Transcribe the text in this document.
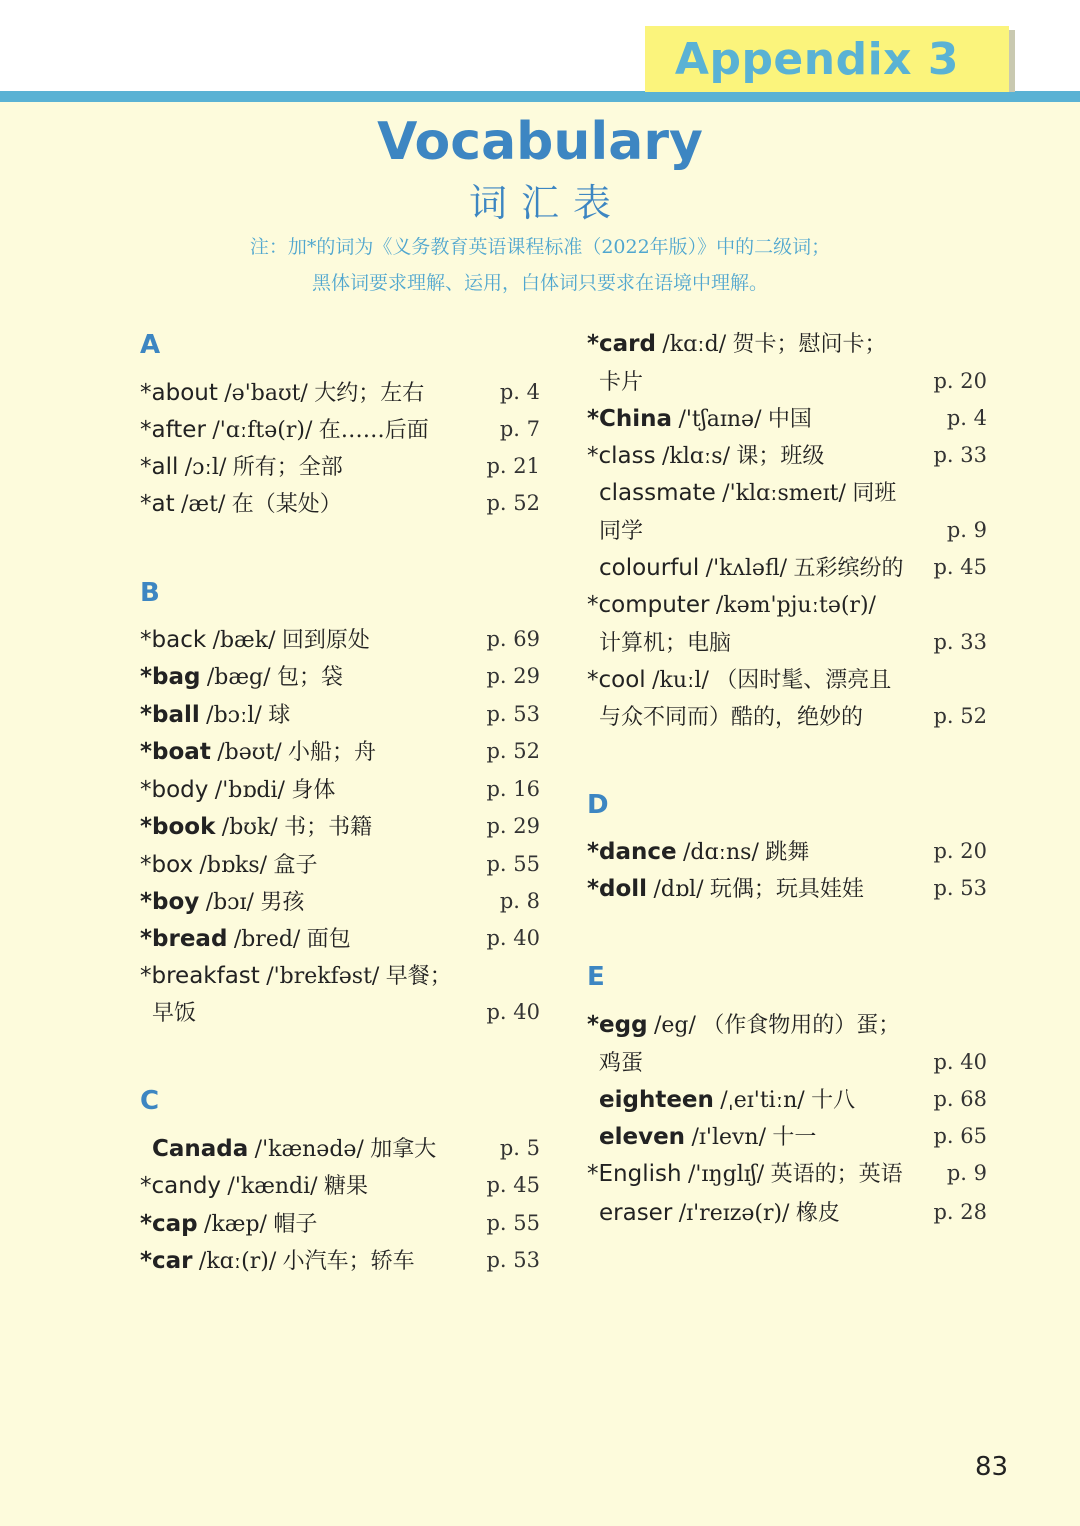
Appendix 3
Vocabulary
词汇表
注：加*的词为《义务教育英语课程标准（2022年版）》中的二级词；
黑体词要求理解、运用，白体词只要求在语境中理解。
A
*about /ə'baʊt/ 大约；左右	p. 4
*after /'ɑːftə(r)/ 在……后面	p. 7
*all /ɔːl/ 所有；全部	p. 21
*at /æt/ 在（某处）	p. 52
B
*back /bæk/ 回到原处	p. 69
*bag /bæg/ 包；袋	p. 29
*ball /bɔːl/ 球	p. 53
*boat /bəʊt/ 小船；舟	p. 52
*body /'bɒdi/ 身体	p. 16
*book /bʊk/ 书；书籍	p. 29
*box /bɒks/ 盒子	p. 55
*boy /bɔɪ/ 男孩	p. 8
*bread /bred/ 面包	p. 40
*breakfast /'brekfəst/ 早餐；
早饭	p. 40
C
Canada /'kænədə/ 加拿大	p. 5
*candy /'kændi/ 糖果	p. 45
*cap /kæp/ 帽子	p. 55
*car /kɑː(r)/ 小汽车；轿车	p. 53
*card /kɑːd/ 贺卡；慰问卡；
卡片	p. 20
*China /'tʃaɪnə/ 中国	p. 4
*class /klɑːs/ 课；班级	p. 33
classmate /'klɑːsmeɪt/ 同班
同学	p. 9
colourful /'kʌləfl/ 五彩缤纷的	p. 45
*computer /kəm'pjuːtə(r)/
计算机；电脑	p. 33
*cool /kuːl/ （因时髦、漂亮且
与众不同而）酷的，绝妙的	p. 52
D
*dance /dɑːns/ 跳舞	p. 20
*doll /dɒl/ 玩偶；玩具娃娃	p. 53
E
*egg /eg/ （作食物用的）蛋；
鸡蛋	p. 40
eighteen /ˌeɪ'tiːn/ 十八	p. 68
eleven /ɪ'levn/ 十一	p. 65
*English /'ɪŋglɪʃ/ 英语的；英语	p. 9
eraser /ɪ'reɪzə(r)/ 橡皮	p. 28
83
